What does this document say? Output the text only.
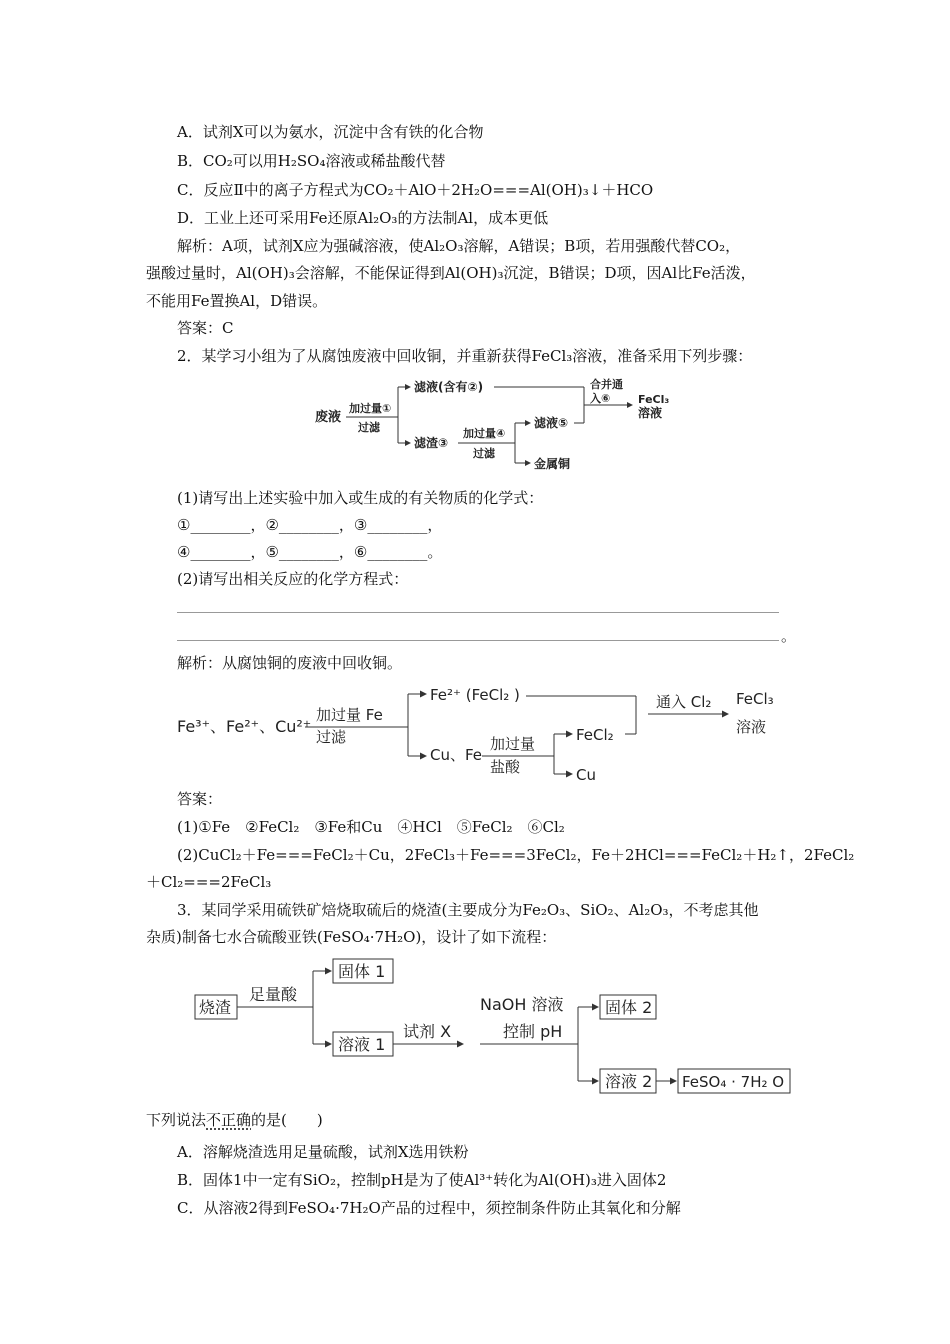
A．试剂X可以为氨水，沉淀中含有铁的化合物
B．CO₂可以用H₂SO₄溶液或稀盐酸代替
C．反应Ⅱ中的离子方程式为CO₂＋AlO＋2H₂O===Al(OH)₃↓＋HCO
D．工业上还可采用Fe还原Al₂O₃的方法制Al，成本更低
解析：A项，试剂X应为强碱溶液，使Al₂O₃溶解，A错误；B项，若用强酸代替CO₂，
强酸过量时，Al(OH)₃会溶解，不能保证得到Al(OH)₃沉淀，B错误；D项，因Al比Fe活泼，
不能用Fe置换Al，D错误。
答案：C
2．某学习小组为了从腐蚀废液中回收铜，并重新获得FeCl₃溶液，准备采用下列步骤：
废液
加过量①
过滤
滤液(含有②)
滤渣③
加过量④
过滤
滤液⑤
金属铜
合并通
入⑥	FeCl₃
溶液
(1)请写出上述实验中加入或生成的有关物质的化学式：
①________，②________，③________，
④________，⑤________，⑥________。
(2)请写出相关反应的化学方程式：
。
解析：从腐蚀铜的废液中回收铜。
Fe³⁺、Fe²⁺、Cu²⁺
加过量 Fe
过滤
Fe²⁺ (FeCl₂ )
Cu、Fe
加过量
盐酸
FeCl₂
Cu
通入 Cl₂ FeCl₃
溶液
答案：
(1)①Fe　②FeCl₂　③Fe和Cu　④HCl　⑤FeCl₂　⑥Cl₂
(2)CuCl₂＋Fe===FeCl₂＋Cu，2FeCl₃＋Fe===3FeCl₂，Fe＋2HCl===FeCl₂＋H₂↑，2FeCl₂
＋Cl₂===2FeCl₃
3．某同学采用硫铁矿焙烧取硫后的烧渣(主要成分为Fe₂O₃、SiO₂、Al₂O₃，不考虑其他
杂质)制备七水合硫酸亚铁(FeSO₄·7H₂O)，设计了如下流程：
烧渣
足量酸
固体 1
溶液 1
试剂 X
NaOH 溶液
控制 pH
固体 2
溶液 2 FeSO₄ · 7H₂ O
下列说法不正确的是(　　)
A．溶解烧渣选用足量硫酸，试剂X选用铁粉
B．固体1中一定有SiO₂，控制pH是为了使Al³⁺转化为Al(OH)₃进入固体2
C．从溶液2得到FeSO₄·7H₂O产品的过程中，须控制条件防止其氧化和分解
